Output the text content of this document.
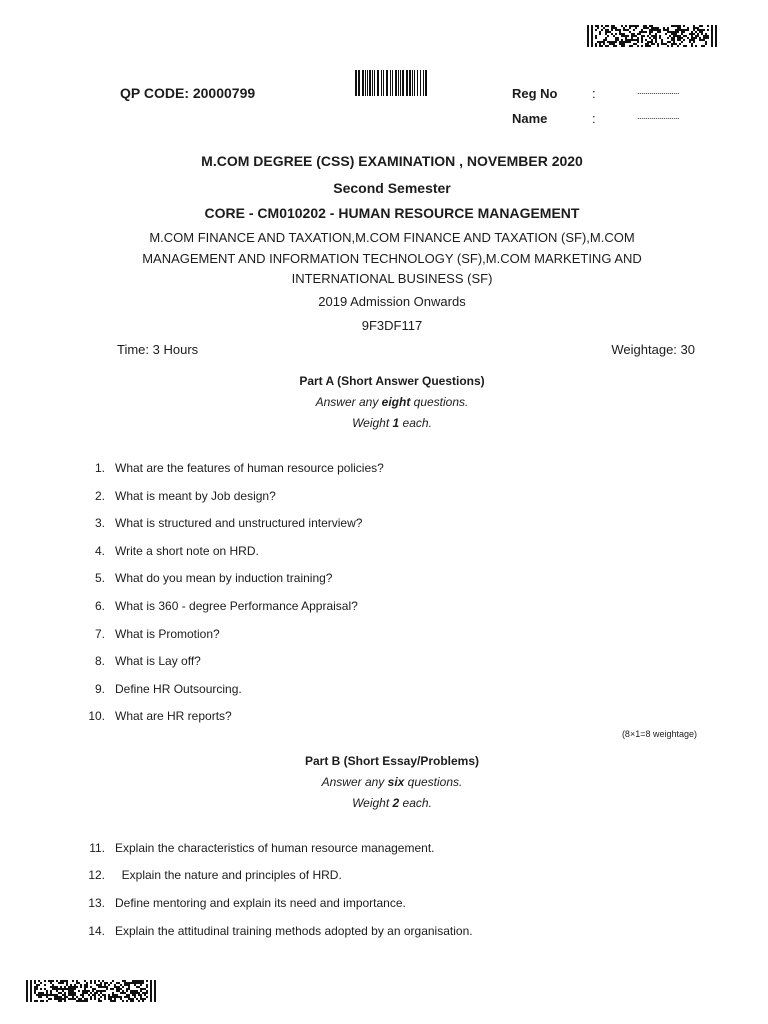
QP CODE: 20000799	Reg No	:	.....................
Name	:	.....................
M.COM DEGREE (CSS) EXAMINATION , NOVEMBER 2020
Second Semester
CORE - CM010202 - HUMAN RESOURCE MANAGEMENT
M.COM FINANCE AND TAXATION,M.COM FINANCE AND TAXATION (SF),M.COM
MANAGEMENT AND INFORMATION TECHNOLOGY (SF),M.COM MARKETING AND
INTERNATIONAL BUSINESS (SF)
2019 Admission Onwards
9F3DF117
Time: 3 Hours	Weightage: 30
Part A (Short Answer Questions)
Answer any eight questions.
Weight 1 each.
1. What are the features of human resource policies?
2. What is meant by Job design?
3. What is structured and unstructured interview?
4. Write a short note on HRD.
5. What do you mean by induction training?
6. What is 360 - degree Performance Appraisal?
7. What is Promotion?
8. What is Lay off?
9. Define HR Outsourcing.
10. What are HR reports?
(8×1=8 weightage)
Part B (Short Essay/Problems)
Answer any six questions.
Weight 2 each.
11. Explain the characteristics of human resource management.
12. Explain the nature and principles of HRD.
13. Define mentoring and explain its need and importance.
14. Explain the attitudinal training methods adopted by an organisation.
